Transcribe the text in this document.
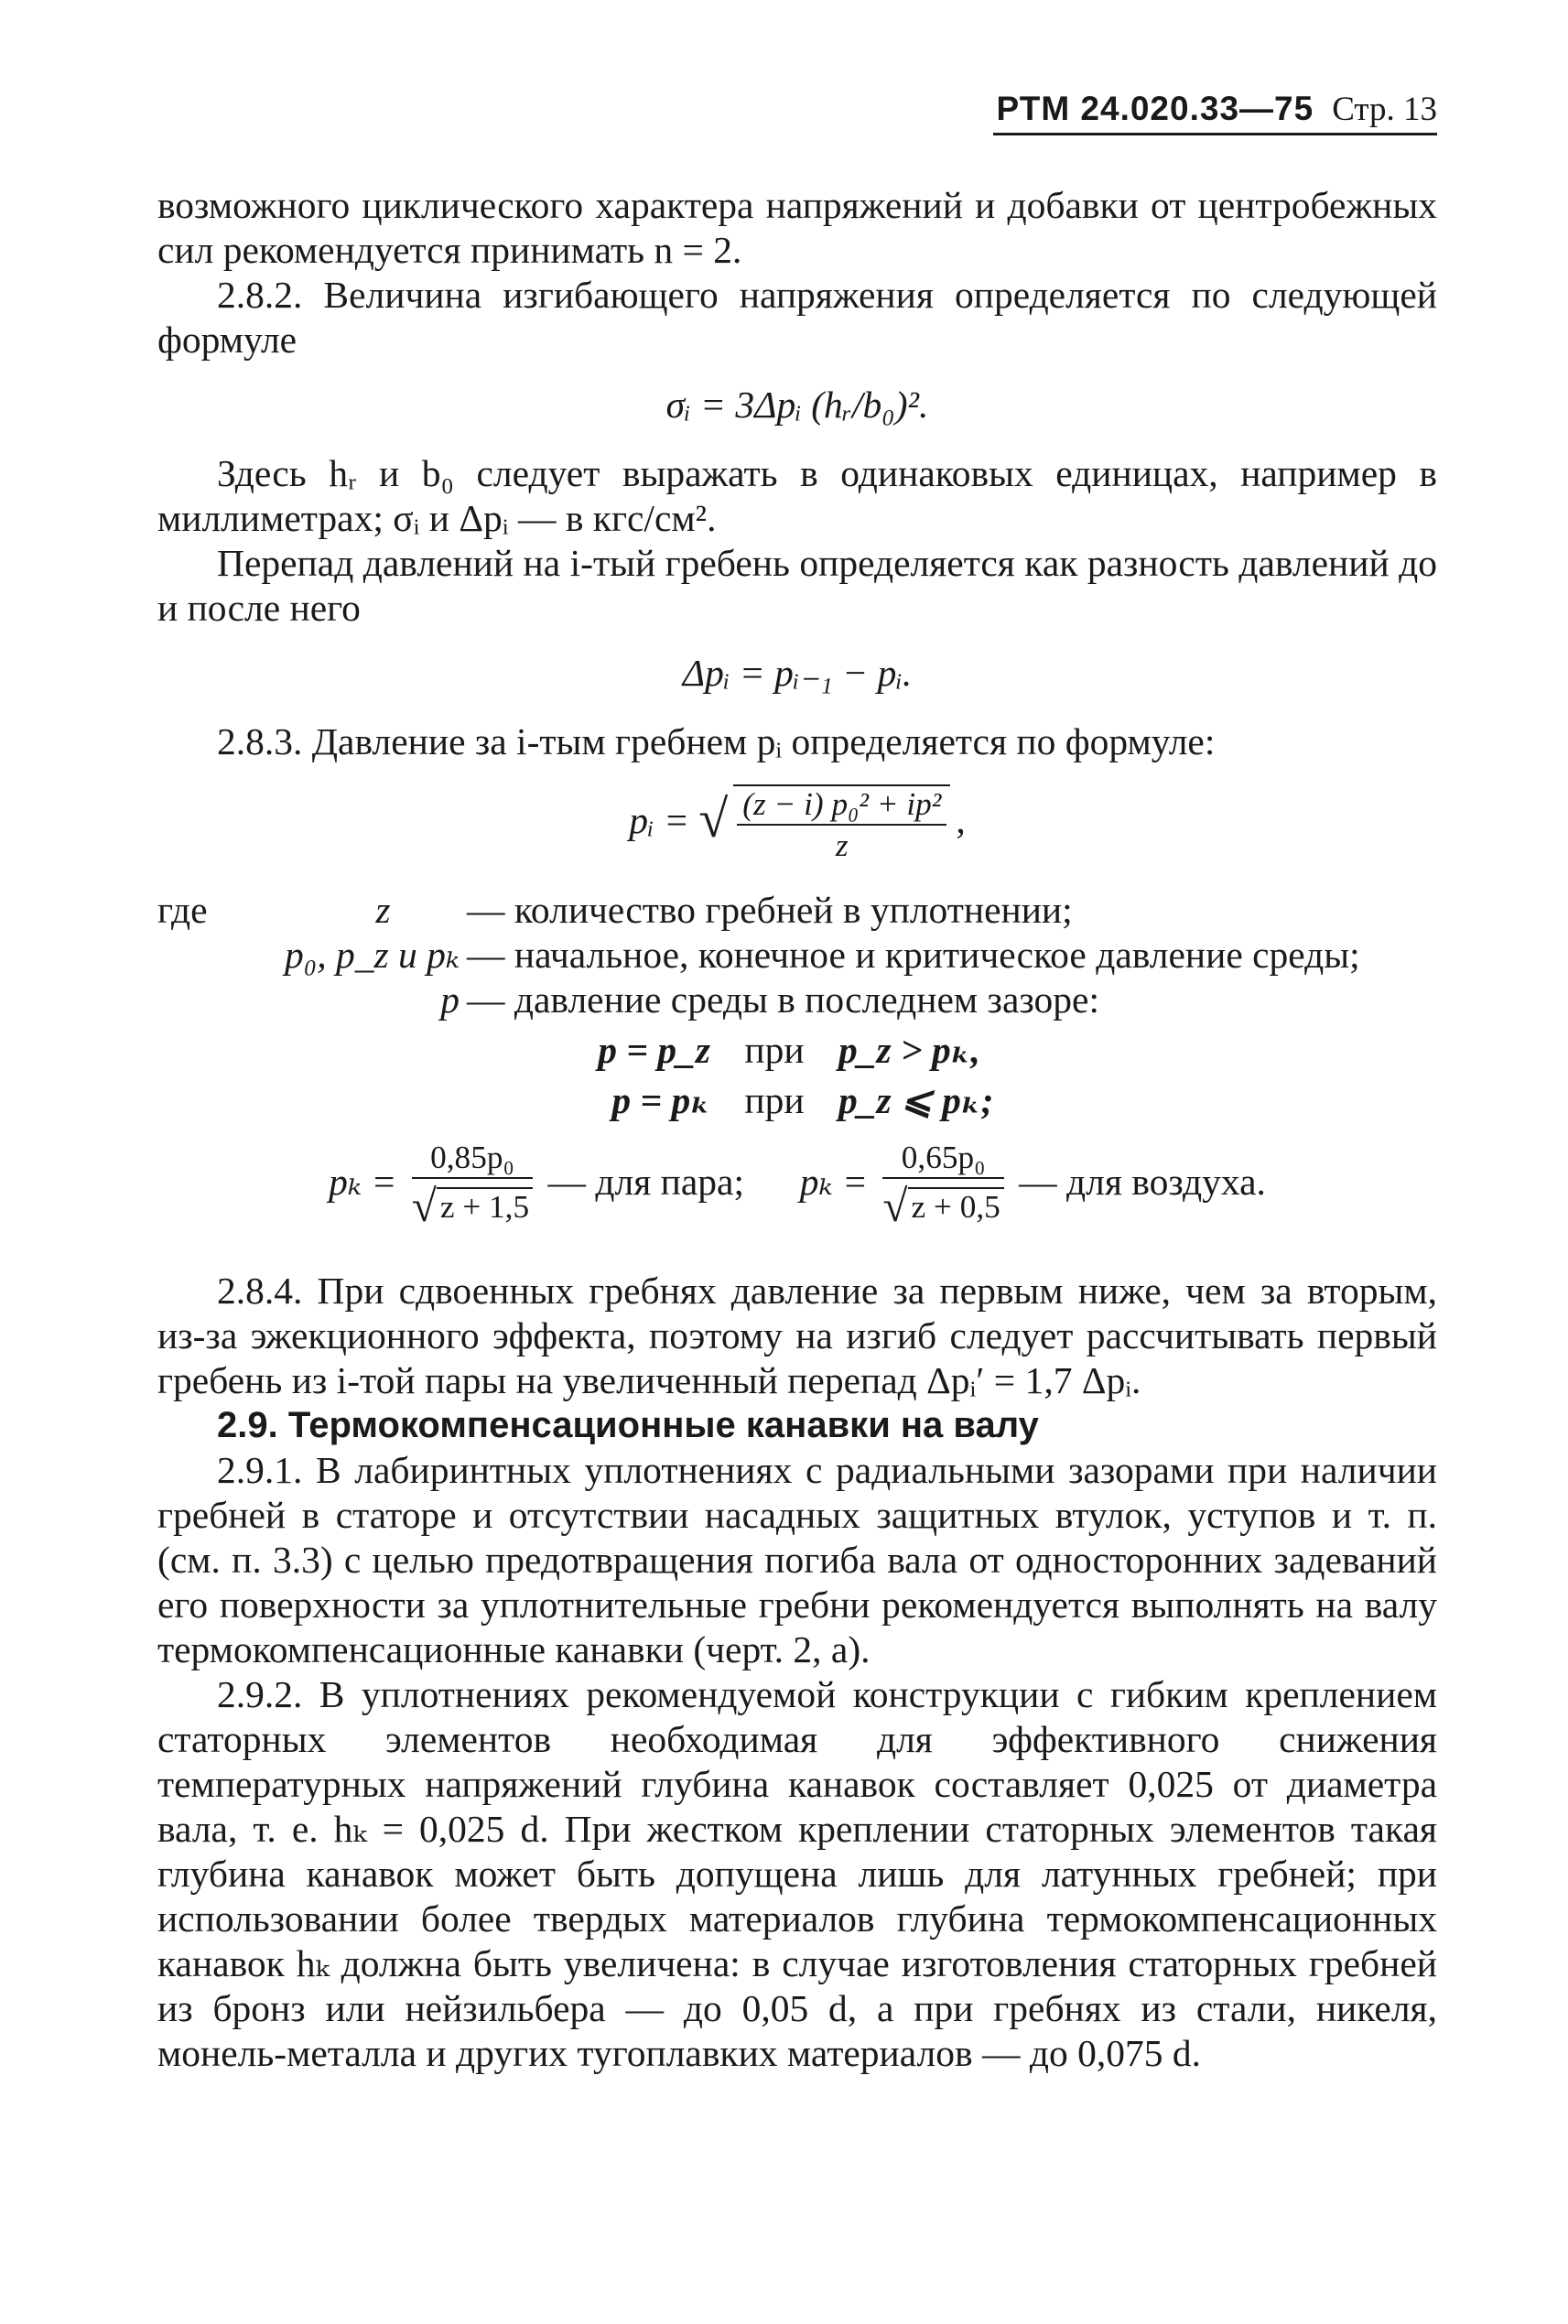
РТМ 24.020.33—75 Стр. 13

возможного циклического характера напряжений и добавки от центробежных сил рекомендуется принимать n = 2.

2.8.2. Величина изгибающего напряжения определяется по следующей формуле

σᵢ = 3Δpᵢ (hᵣ/b₀)².

Здесь hᵣ и b₀ следует выражать в одинаковых единицах, например в миллиметрах; σᵢ и Δpᵢ — в кгс/см².

Перепад давлений на i-тый гребень определяется как разность давлений до и после него

Δpᵢ = pᵢ₋₁ − pᵢ.

2.8.3. Давление за i-тым гребнем pᵢ определяется по формуле:

pᵢ = √ $\frac{\text{(z − i) p₀² + ip²}}{z}$ ,
где	z	— количество гребней в уплотнении;
p₀, p_z и pₖ — начальное, конечное и критическое давление среды;
p — давление среды в последнем зазоре:
p = p_z при p_z > pₖ,
p = pₖ при p_z ⩽ pₖ;
$p_k = \frac{\text{0,85p₀}}{√ z + 1,5}$ — для пара; $p_k = \frac{\text{0,65p₀}}{√ z + 0,5}$ — для воздуха.

2.8.4. При сдвоенных гребнях давление за первым ниже, чем за вторым, из-за эжекционного эффекта, поэтому на изгиб следует рассчитывать первый гребень из i-той пары на увеличенный перепад Δpᵢ′ = 1,7 Δpᵢ.

2.9. Термокомпенсационные канавки на валу

2.9.1. В лабиринтных уплотнениях с радиальными зазорами при наличии гребней в статоре и отсутствии насадных защитных втулок, уступов и т. п. (см. п. 3.3) с целью предотвращения погиба вала от односторонних задеваний его поверхности за уплотнительные гребни рекомендуется выполнять на валу термокомпенсационные канавки (черт. 2, а).

2.9.2. В уплотнениях рекомендуемой конструкции с гибким креплением статорных элементов необходимая для эффективного снижения температурных напряжений глубина канавок составляет 0,025 от диаметра вала, т. е. hₖ = 0,025 d. При жестком креплении статорных элементов такая глубина канавок может быть допущена лишь для латунных гребней; при использовании более твердых материалов глубина термокомпенсационных канавок hₖ должна быть увеличена: в случае изготовления статорных гребней из бронз или нейзильбера — до 0,05 d, а при гребнях из стали, никеля, монель-металла и других тугоплавких материалов — до 0,075 d.
